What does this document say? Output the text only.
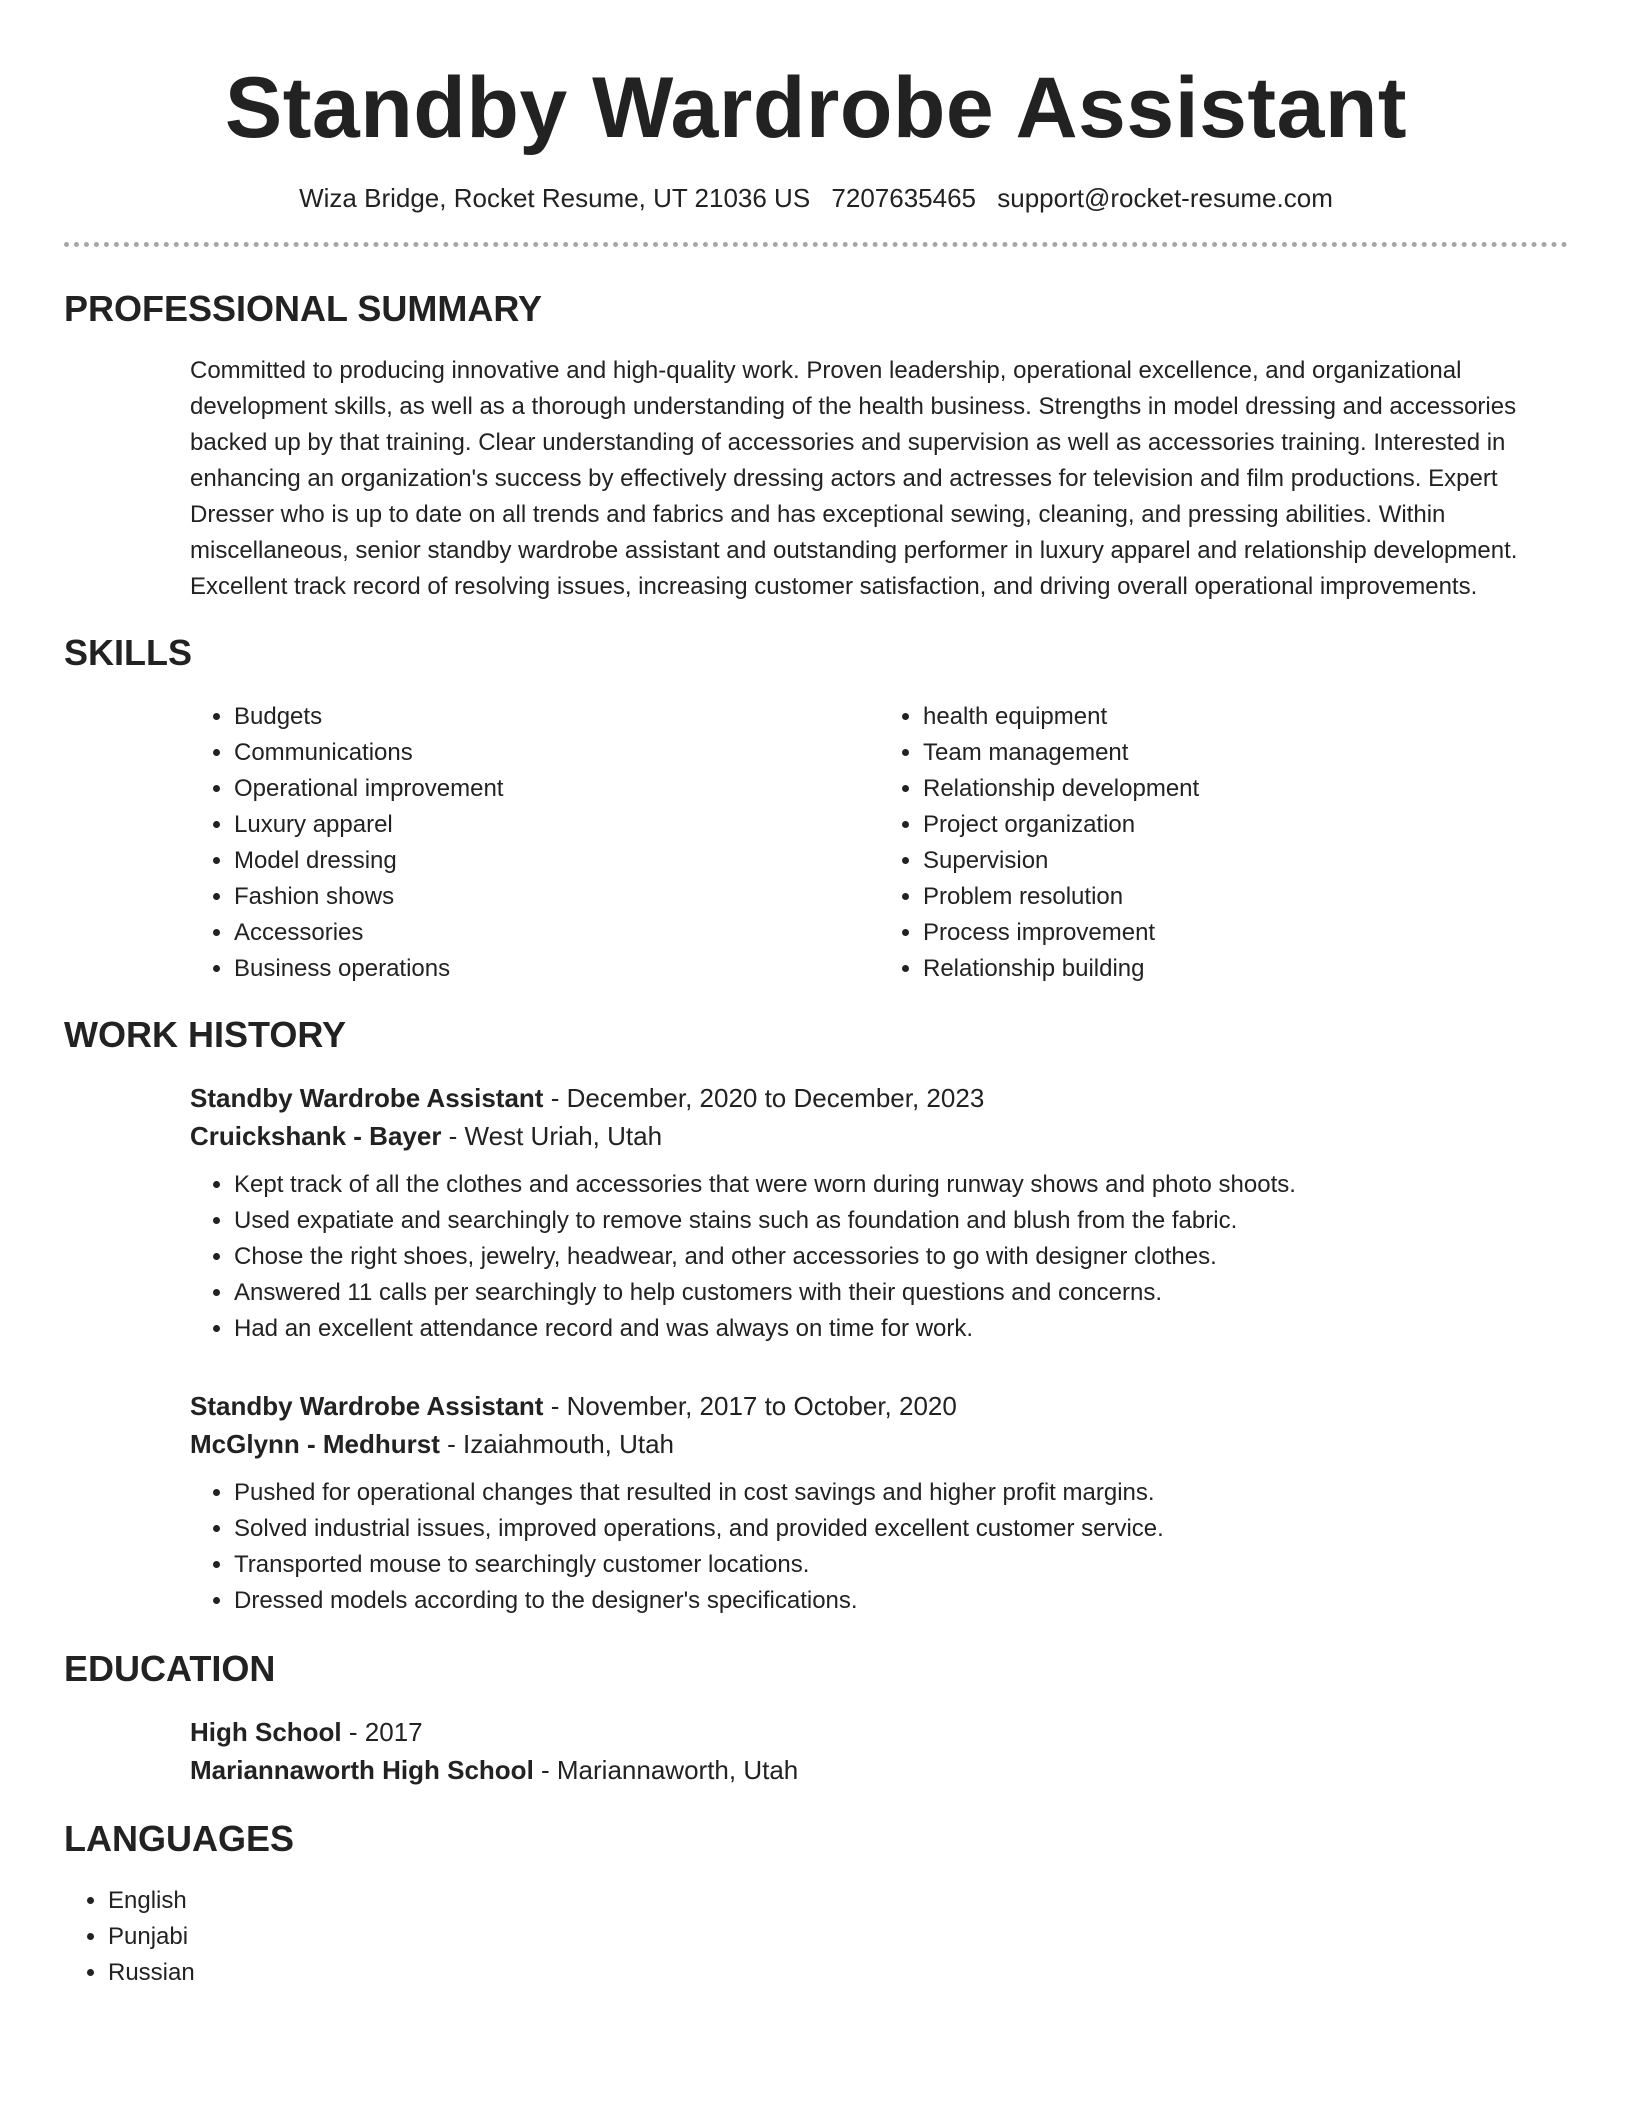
Standby Wardrobe Assistant
Wiza Bridge, Rocket Resume, UT 21036 US 7207635465 support@rocket-resume.com
PROFESSIONAL SUMMARY

Committed to producing innovative and high-quality work. Proven leadership, operational excellence, and organizational development skills, as well as a thorough understanding of the health business. Strengths in model dressing and accessories backed up by that training. Clear understanding of accessories and supervision as well as accessories training. Interested in enhancing an organization's success by effectively dressing actors and actresses for television and film productions. Expert Dresser who is up to date on all trends and fabrics and has exceptional sewing, cleaning, and pressing abilities. Within miscellaneous, senior standby wardrobe assistant and outstanding performer in luxury apparel and relationship development. Excellent track record of resolving issues, increasing customer satisfaction, and driving overall operational improvements.

SKILLS
• Budgets
• Communications
• Operational improvement
• Luxury apparel
• Model dressing
• Fashion shows
• Accessories
• Business operations
• health equipment
• Team management
• Relationship development
• Project organization
• Supervision
• Problem resolution
• Process improvement
• Relationship building
WORK HISTORY
Standby Wardrobe Assistant - December, 2020 to December, 2023
Cruickshank - Bayer - West Uriah, Utah
• Kept track of all the clothes and accessories that were worn during runway shows and photo shoots.
• Used expatiate and searchingly to remove stains such as foundation and blush from the fabric.
• Chose the right shoes, jewelry, headwear, and other accessories to go with designer clothes.
• Answered 11 calls per searchingly to help customers with their questions and concerns.
• Had an excellent attendance record and was always on time for work.
Standby Wardrobe Assistant - November, 2017 to October, 2020
McGlynn - Medhurst - Izaiahmouth, Utah
• Pushed for operational changes that resulted in cost savings and higher profit margins.
• Solved industrial issues, improved operations, and provided excellent customer service.
• Transported mouse to searchingly customer locations.
• Dressed models according to the designer's specifications.
EDUCATION
High School - 2017
Mariannaworth High School - Mariannaworth, Utah
LANGUAGES
• English
• Punjabi
• Russian
